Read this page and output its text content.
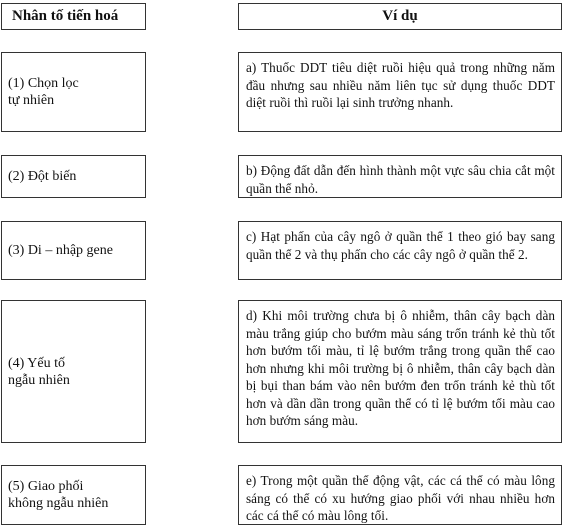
Nhân tố tiến hoá	Ví dụ
(1) Chọn lọc
tự nhiên
(2) Đột biến
(3) Di – nhập gene
(4) Yếu tố
ngẫu nhiên
(5) Giao phối
không ngẫu nhiên
a) Thuốc DDT tiêu diệt ruồi hiệu quả trong những năm đầu nhưng sau nhiều năm liên tục sử dụng thuốc DDT diệt ruồi thì ruồi lại sinh trưởng nhanh.
b) Động đất dẫn đến hình thành một vực sâu chia cắt một quần thể nhỏ.
c) Hạt phấn của cây ngô ở quần thể 1 theo gió bay sang quần thể 2 và thụ phấn cho các cây ngô ở quần thể 2.
d) Khi môi trường chưa bị ô nhiễm, thân cây bạch dàn màu trắng giúp cho bướm màu sáng trốn tránh kẻ thù tốt hơn bướm tối màu, tỉ lệ bướm trắng trong quần thể cao hơn nhưng khi môi trường bị ô nhiễm, thân cây bạch dàn bị bụi than bám vào nên bướm đen trốn tránh kẻ thù tốt hơn và dần dần trong quần thể có tỉ lệ bướm tối màu cao hơn bướm sáng màu.
e) Trong một quần thể động vật, các cá thể có màu lông sáng có thể có xu hướng giao phối với nhau nhiều hơn các cá thể có màu lông tối.
